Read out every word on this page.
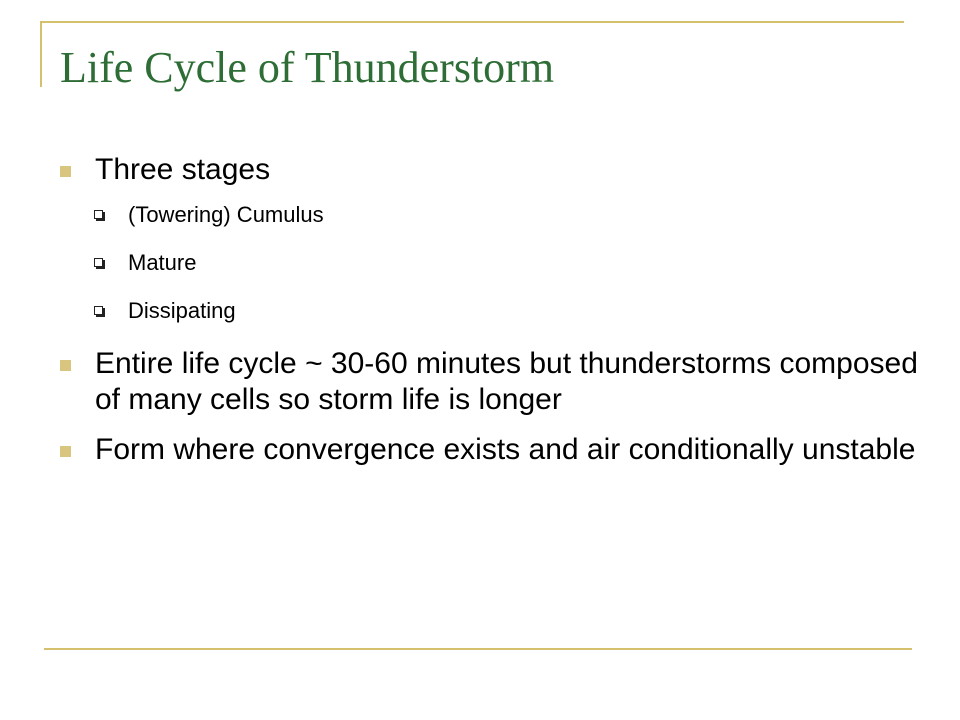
Life Cycle of Thunderstorm
Three stages
(Towering) Cumulus
Mature
Dissipating
Entire life cycle ~ 30-60 minutes but thunderstorms composed of many cells so storm life is longer
Form where convergence exists and air conditionally unstable
